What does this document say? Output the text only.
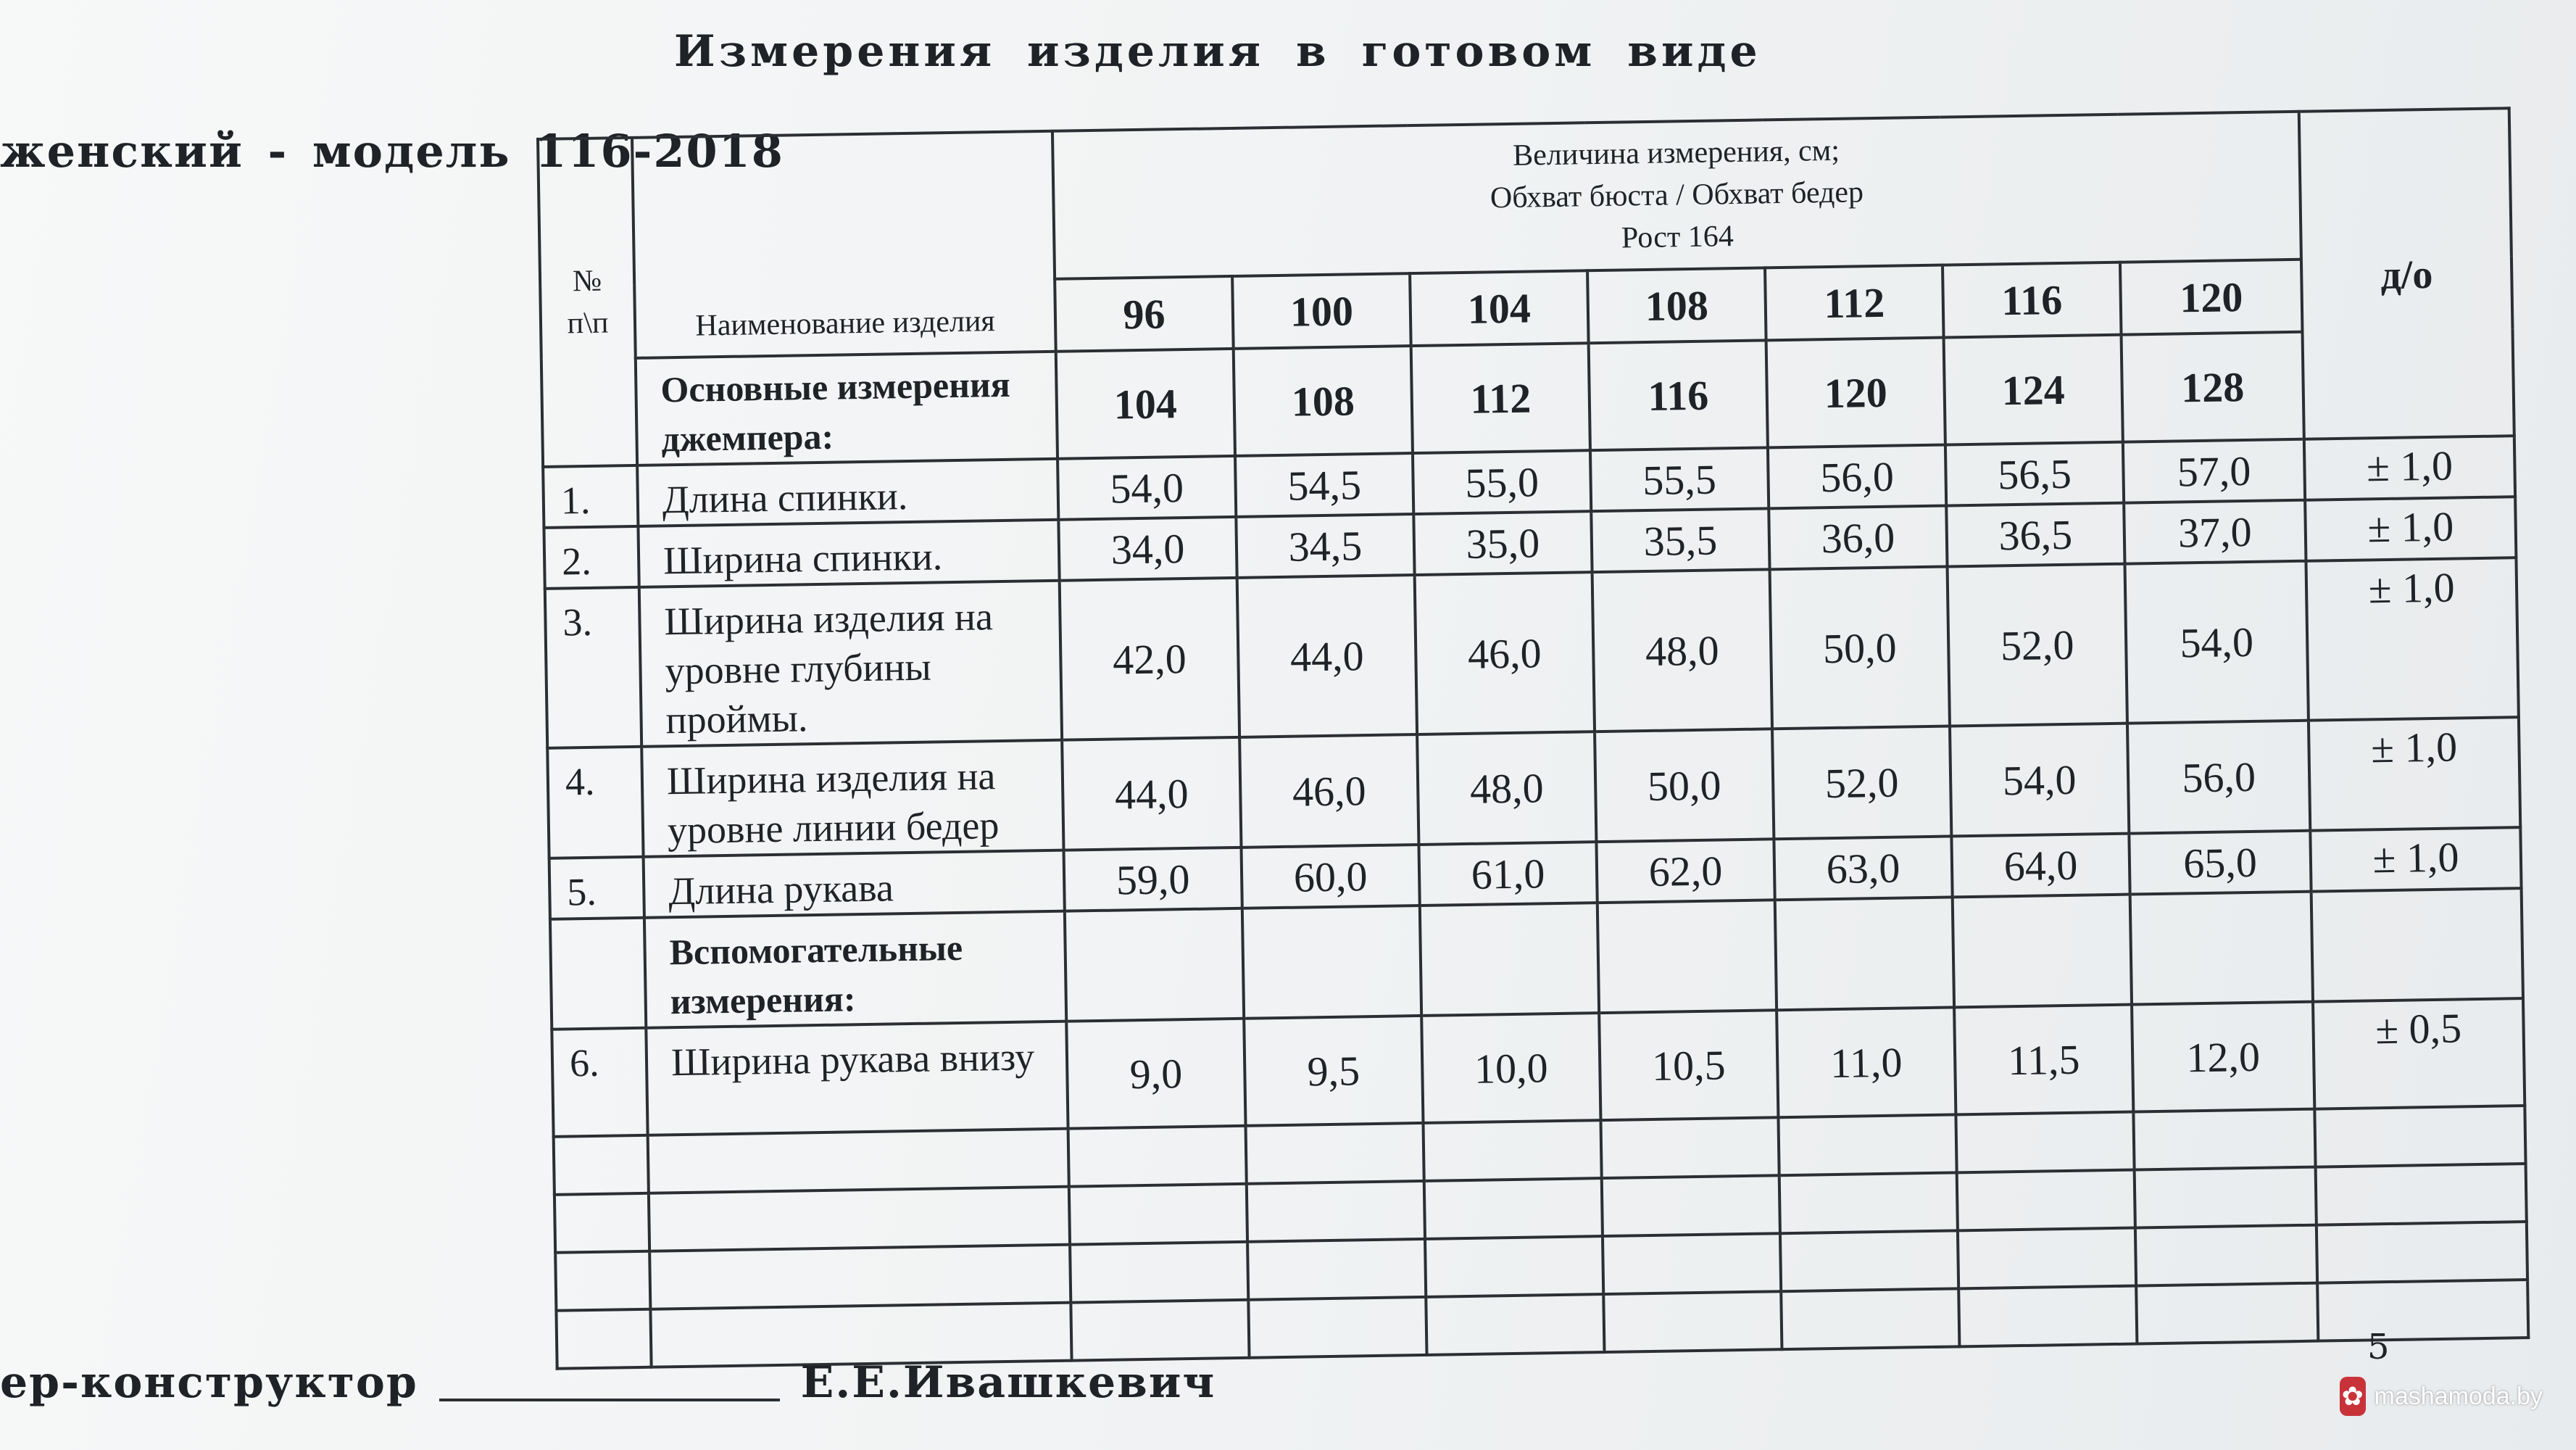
Измерения изделия в готовом виде
женский - модель 116-2018
№
п\п	Наименование изделия	Величина измерения, см;
Обхват бюста / Обхват бедер
Рост 164							д/о
		96	100	104	108	112	116	120	
	Основные измерения джемпера:	104	108	112	116	120	124	128	
1.	Длина спинки.	54,0	54,5	55,0	55,5	56,0	56,5	57,0	± 1,0
2.	Ширина спинки.	34,0	34,5	35,0	35,5	36,0	36,5	37,0	± 1,0
3.	Ширина изделия на уровне глубины проймы.	42,0	44,0	46,0	48,0	50,0	52,0	54,0	± 1,0
4.	Ширина изделия на уровне линии бедер	44,0	46,0	48,0	50,0	52,0	54,0	56,0	± 1,0
5.	Длина рукава	59,0	60,0	61,0	62,0	63,0	64,0	65,0	± 1,0
	Вспомогательные измерения:								
6.	Ширина рукава внизу	9,0	9,5	10,0	10,5	11,0	11,5	12,0	± 0,5

ер-конструктор	Е.Е.Ивашкевич
5
✿ mashamoda.by
